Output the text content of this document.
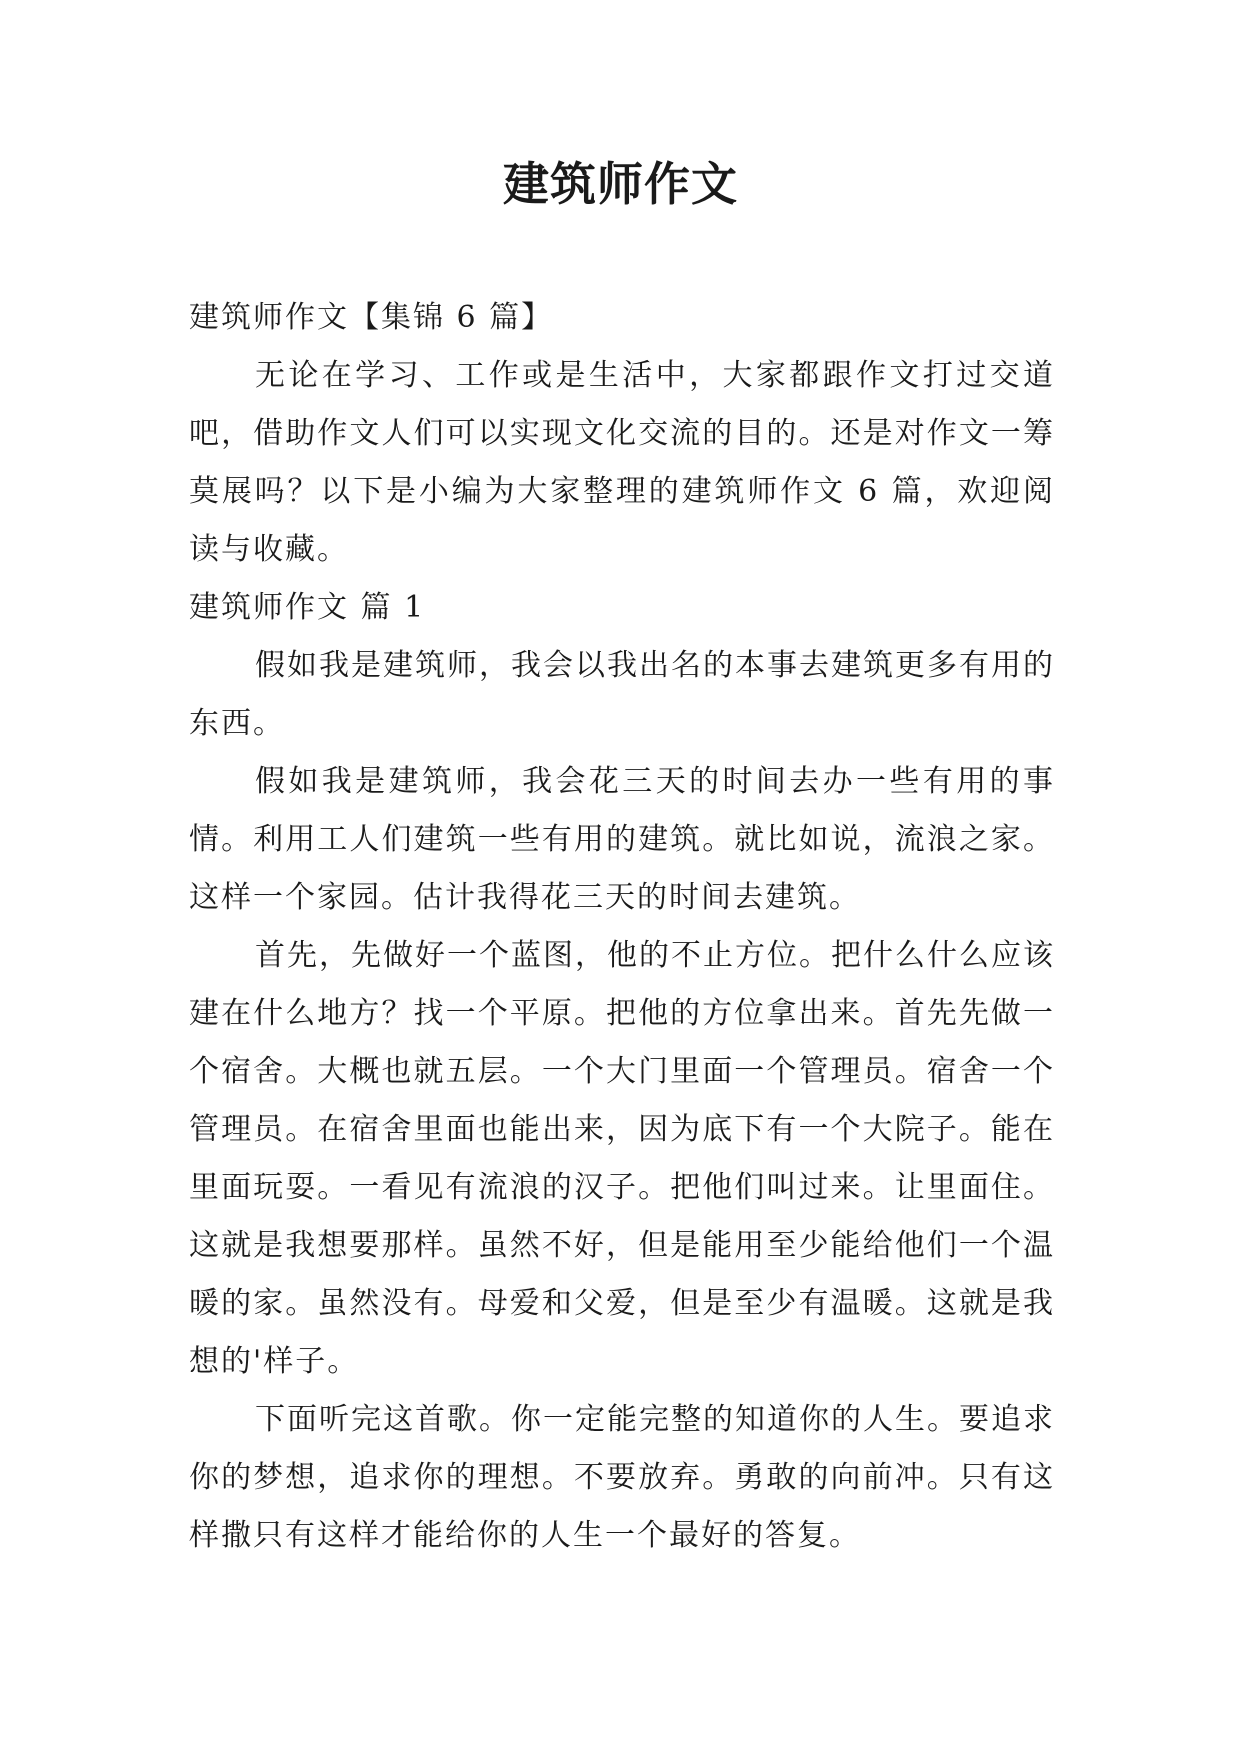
建筑师作文

建筑师作文【集锦 6 篇】

无论在学习、工作或是生活中，大家都跟作文打过交道吧，借助作文人们可以实现文化交流的目的。还是对作文一筹莫展吗？以下是小编为大家整理的建筑师作文 6 篇，欢迎阅读与收藏。

建筑师作文 篇 1

假如我是建筑师，我会以我出名的本事去建筑更多有用的东西。

假如我是建筑师，我会花三天的时间去办一些有用的事情。利用工人们建筑一些有用的建筑。就比如说，流浪之家。这样一个家园。估计我得花三天的时间去建筑。

首先，先做好一个蓝图，他的不止方位。把什么什么应该建在什么地方？找一个平原。把他的方位拿出来。首先先做一个宿舍。大概也就五层。一个大门里面一个管理员。宿舍一个管理员。在宿舍里面也能出来，因为底下有一个大院子。能在里面玩耍。一看见有流浪的汉子。把他们叫过来。让里面住。这就是我想要那样。虽然不好，但是能用至少能给他们一个温暖的家。虽然没有。母爱和父爱，但是至少有温暖。这就是我想的'样子。

下面听完这首歌。你一定能完整的知道你的人生。要追求你的梦想，追求你的理想。不要放弃。勇敢的向前冲。只有这样撒只有这样才能给你的人生一个最好的答复。
